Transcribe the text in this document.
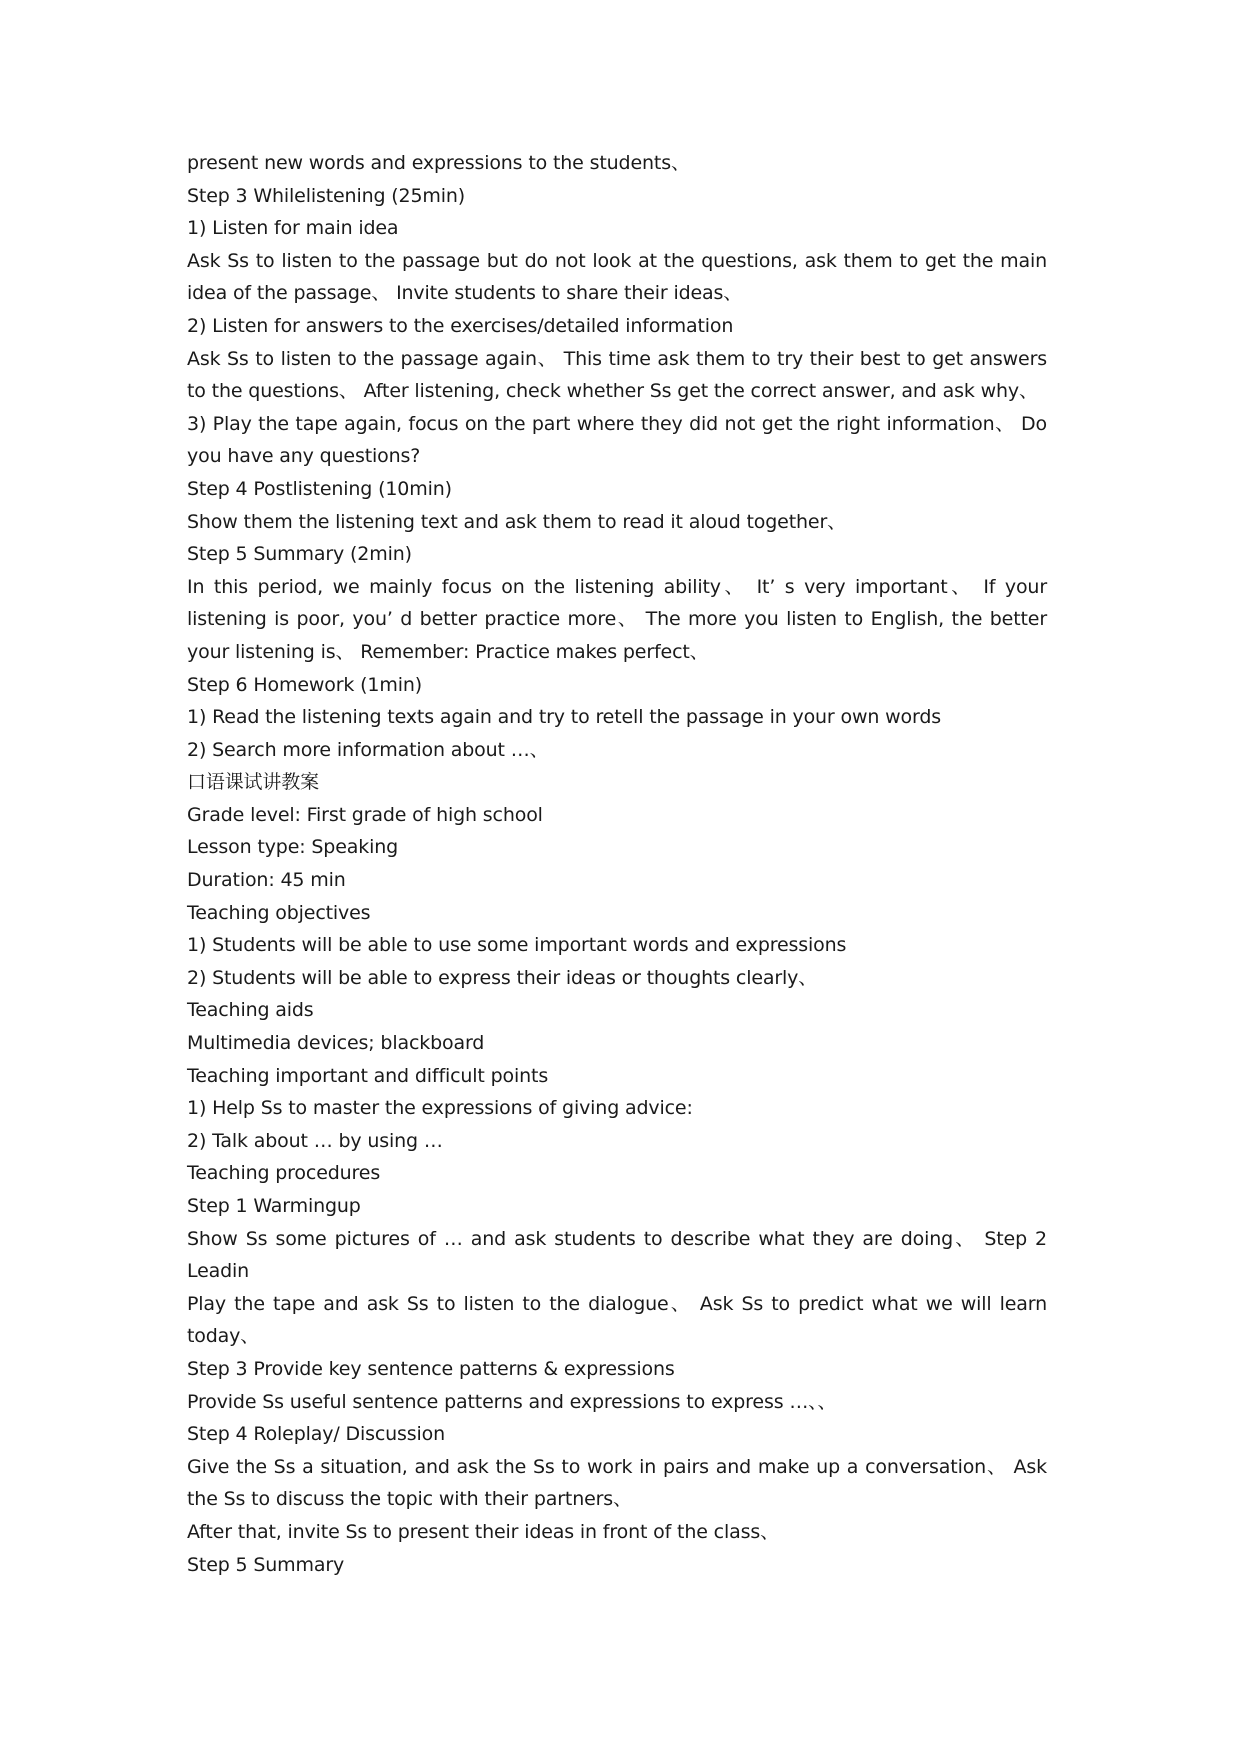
present new words and expressions to the students、

Step 3 Whilelistening (25min)

1) Listen for main idea

Ask Ss to listen to the passage but do not look at the questions, ask them to get the main idea of the passage、 Invite students to share their ideas、

2) Listen for answers to the exercises/detailed information

Ask Ss to listen to the passage again、 This time ask them to try their best to get answers to the questions、 After listening, check whether Ss get the correct answer, and ask why、

3) Play the tape again, focus on the part where they did not get the right information、 Do you have any questions?

Step 4 Postlistening (10min)

Show them the listening text and ask them to read it aloud together、

Step 5 Summary (2min)

In this period, we mainly focus on the listening ability、 It’ s very important、 If your listening is poor, you’ d better practice more、 The more you listen to English, the better your listening is、 Remember: Practice makes perfect、

Step 6 Homework (1min)

1) Read the listening texts again and try to retell the passage in your own words

2) Search more information about …、

口语课试讲教案

Grade level: First grade of high school

Lesson type: Speaking

Duration: 45 min

Teaching objectives

1) Students will be able to use some important words and expressions

2) Students will be able to express their ideas or thoughts clearly、

Teaching aids

Multimedia devices; blackboard

Teaching important and difficult points

1) Help Ss to master the expressions of giving advice:

2) Talk about … by using …

Teaching procedures

Step 1 Warmingup

Show Ss some pictures of … and ask students to describe what they are doing、 Step 2 Leadin

Play the tape and ask Ss to listen to the dialogue、 Ask Ss to predict what we will learn today、

Step 3 Provide key sentence patterns & expressions

Provide Ss useful sentence patterns and expressions to express …、、

Step 4 Roleplay/ Discussion

Give the Ss a situation, and ask the Ss to work in pairs and make up a conversation、 Ask the Ss to discuss the topic with their partners、

After that, invite Ss to present their ideas in front of the class、

Step 5 Summary
